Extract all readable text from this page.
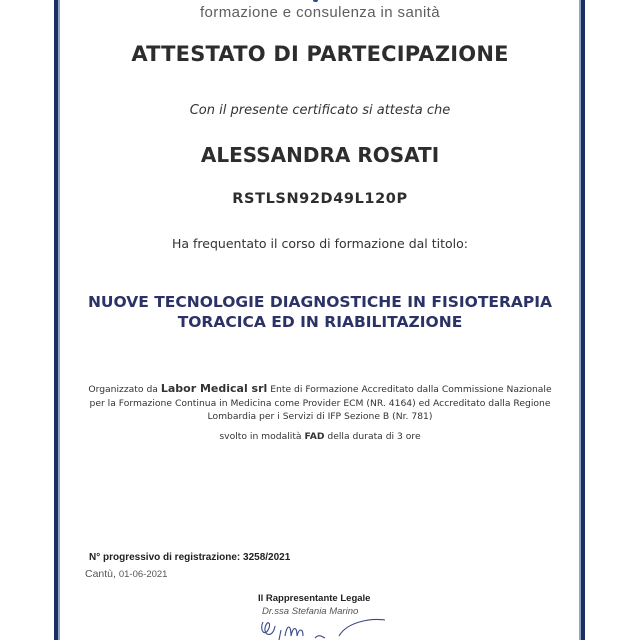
formazione e consulenza in sanità
ATTESTATO DI PARTECIPAZIONE
Con il presente certificato si attesta che
ALESSANDRA ROSATI
RSTLSN92D49L120P
Ha frequentato il corso di formazione dal titolo:
NUOVE TECNOLOGIE DIAGNOSTICHE IN FISIOTERAPIA
TORACICA ED IN RIABILITAZIONE
Organizzato da Labor Medical srl Ente di Formazione Accreditato dalla Commissione Nazionale
per la Formazione Continua in Medicina come Provider ECM (NR. 4164) ed Accreditato dalla Regione
Lombardia per i Servizi di IFP Sezione B (Nr. 781)
svolto in modalità FAD della durata di 3 ore
N° progressivo di registrazione: 3258/2021
Cantù, 01-06-2021
Il Rappresentante Legale
Dr.ssa Stefania Marino
